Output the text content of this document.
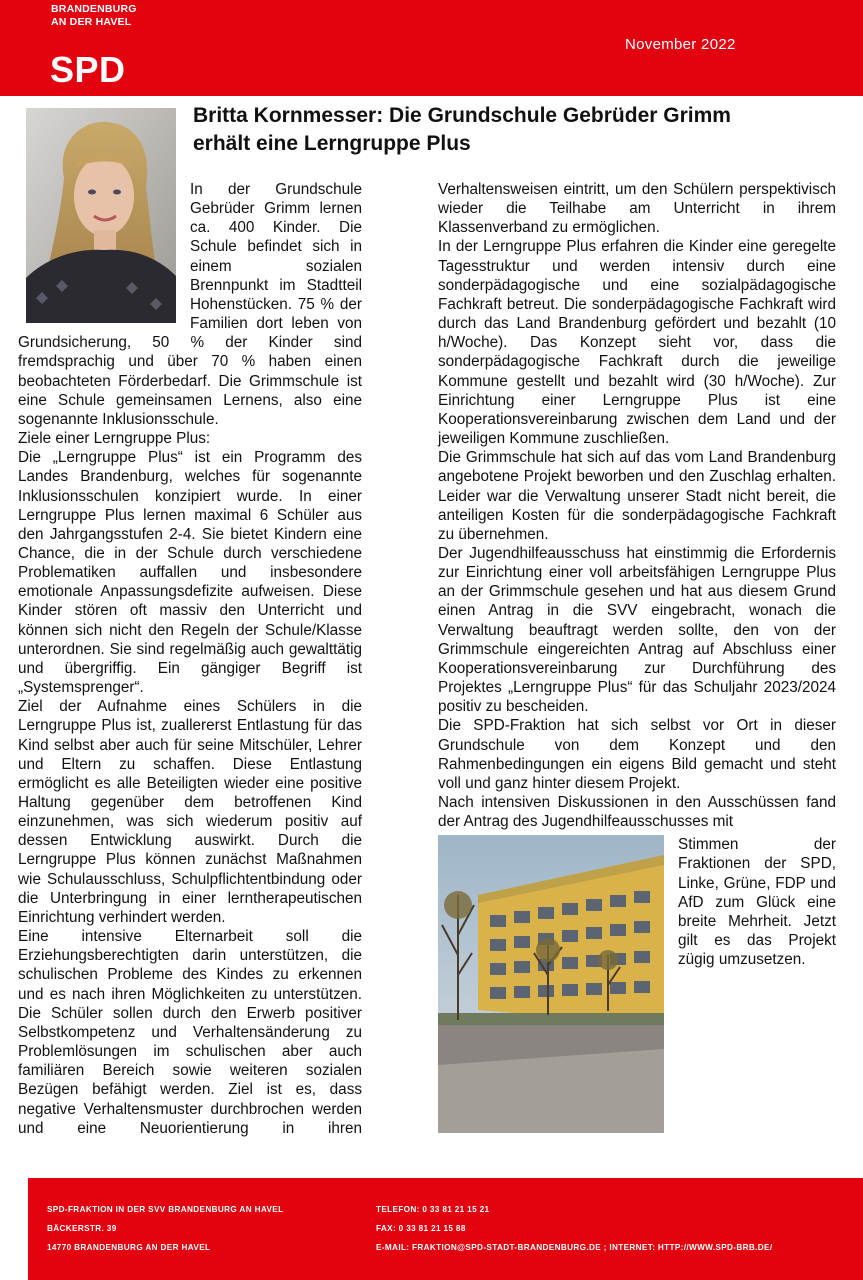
BRANDENBURG
AN DER HAVEL
SPD
November 2022
Britta Kornmesser: Die Grundschule Gebrüder Grimm
erhält eine Lerngruppe Plus

In der Grundschule Gebrüder Grimm lernen ca. 400 Kinder. Die Schule befindet sich in einem sozialen Brennpunkt im Stadtteil Hohenstücken. 75 % der Familien dort leben von Grundsicherung, 50 % der Kinder sind fremdsprachig und über 70 % haben einen beobachteten Förderbedarf. Die Grimmschule ist eine Schule gemeinsamen Lernens, also eine sogenannte Inklusionsschule.

Ziele einer Lerngruppe Plus:

Die „Lerngruppe Plus“ ist ein Programm des Landes Brandenburg, welches für sogenannte Inklusionsschulen konzipiert wurde. In einer Lerngruppe Plus lernen maximal 6 Schüler aus den Jahrgangsstufen 2-4. Sie bietet Kindern eine Chance, die in der Schule durch verschiedene Problematiken auffallen und insbesondere emotionale Anpassungsdefizite aufweisen. Diese Kinder stören oft massiv den Unterricht und können sich nicht den Regeln der Schule/Klasse unterordnen. Sie sind regelmäßig auch gewalttätig und übergriffig. Ein gängiger Begriff ist „Systemsprenger“.

Ziel der Aufnahme eines Schülers in die Lerngruppe Plus ist, zuallererst Entlastung für das Kind selbst aber auch für seine Mitschüler, Lehrer und Eltern zu schaffen. Diese Entlastung ermöglicht es alle Beteiligten wieder eine positive Haltung gegenüber dem betroffenen Kind einzunehmen, was sich wiederum positiv auf dessen Entwicklung auswirkt. Durch die Lerngruppe Plus können zunächst Maßnahmen wie Schulausschluss, Schulpflichtentbindung oder die Unterbringung in einer lerntherapeutischen Einrichtung verhindert werden.

Eine intensive Elternarbeit soll die Erziehungsberechtigten darin unterstützen, die schulischen Probleme des Kindes zu erkennen und es nach ihren Möglichkeiten zu unterstützen. Die Schüler sollen durch den Erwerb positiver Selbstkompetenz und Verhaltensänderung zu Problemlösungen im schulischen aber auch familiären Bereich sowie weiteren sozialen Bezügen befähigt werden. Ziel ist es, dass negative Verhaltensmuster durchbrochen werden und eine Neuorientierung in ihren

Verhaltensweisen eintritt, um den Schülern perspektivisch wieder die Teilhabe am Unterricht in ihrem Klassenverband zu ermöglichen.

In der Lerngruppe Plus erfahren die Kinder eine geregelte Tagesstruktur und werden intensiv durch eine sonderpädagogische und eine sozialpädagogische Fachkraft betreut. Die sonderpädagogische Fachkraft wird durch das Land Brandenburg gefördert und bezahlt (10 h/Woche). Das Konzept sieht vor, dass die sonderpädagogische Fachkraft durch die jeweilige Kommune gestellt und bezahlt wird (30 h/Woche). Zur Einrichtung einer Lerngruppe Plus ist eine Kooperationsvereinbarung zwischen dem Land und der jeweiligen Kommune zuschließen.

Die Grimmschule hat sich auf das vom Land Brandenburg angebotene Projekt beworben und den Zuschlag erhalten. Leider war die Verwaltung unserer Stadt nicht bereit, die anteiligen Kosten für die sonderpädagogische Fachkraft zu übernehmen.

Der Jugendhilfeausschuss hat einstimmig die Erfordernis zur Einrichtung einer voll arbeitsfähigen Lerngruppe Plus an der Grimmschule gesehen und hat aus diesem Grund einen Antrag in die SVV eingebracht, wonach die Verwaltung beauftragt werden sollte, den von der Grimmschule eingereichten Antrag auf Abschluss einer Kooperationsvereinbarung zur Durchführung des Projektes „Lerngruppe Plus“ für das Schuljahr 2023/2024 positiv zu bescheiden.

Die SPD-Fraktion hat sich selbst vor Ort in dieser Grundschule von dem Konzept und den Rahmenbedingungen ein eigens Bild gemacht und steht voll und ganz hinter diesem Projekt.

Nach intensiven Diskussionen in den Ausschüssen fand der Antrag des Jugendhilfeausschusses mit

Stimmen der Fraktionen der SPD, Linke, Grüne, FDP und AfD zum Glück eine breite Mehrheit. Jetzt gilt es das Projekt zügig umzusetzen.

SPD-FRAKTION IN DER SVV BRANDENBURG AN HAVEL
BÄCKERSTR. 39
14770 BRANDENBURG AN DER HAVEL
TELEFON: 0 33 81 21 15 21
FAX: 0 33 81 21 15 88
E-MAIL: FRAKTION@SPD-STADT-BRANDENBURG.DE ; INTERNET: HTTP://WWW.SPD-BRB.DE/
